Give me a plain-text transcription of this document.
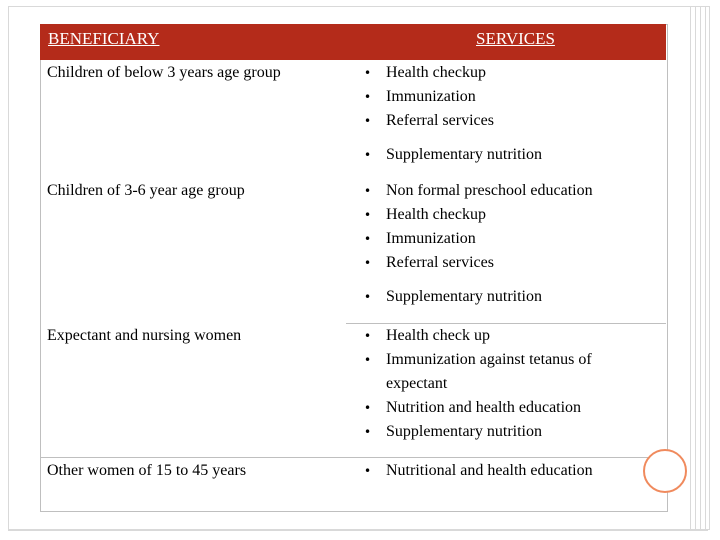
BENEFICIARY	SERVICES
Children of below 3 years age group	• Health checkup
• Immunization
• Referral services
• Supplementary nutrition
Children of 3-6 year age group	• Non formal preschool education
• Health checkup
• Immunization
• Referral services
• Supplementary nutrition
Expectant and nursing women	• Health check up
• Immunization against tetanus of expectant
• Nutrition and health education
• Supplementary nutrition
Other women of 15 to 45 years	• Nutritional and health education
